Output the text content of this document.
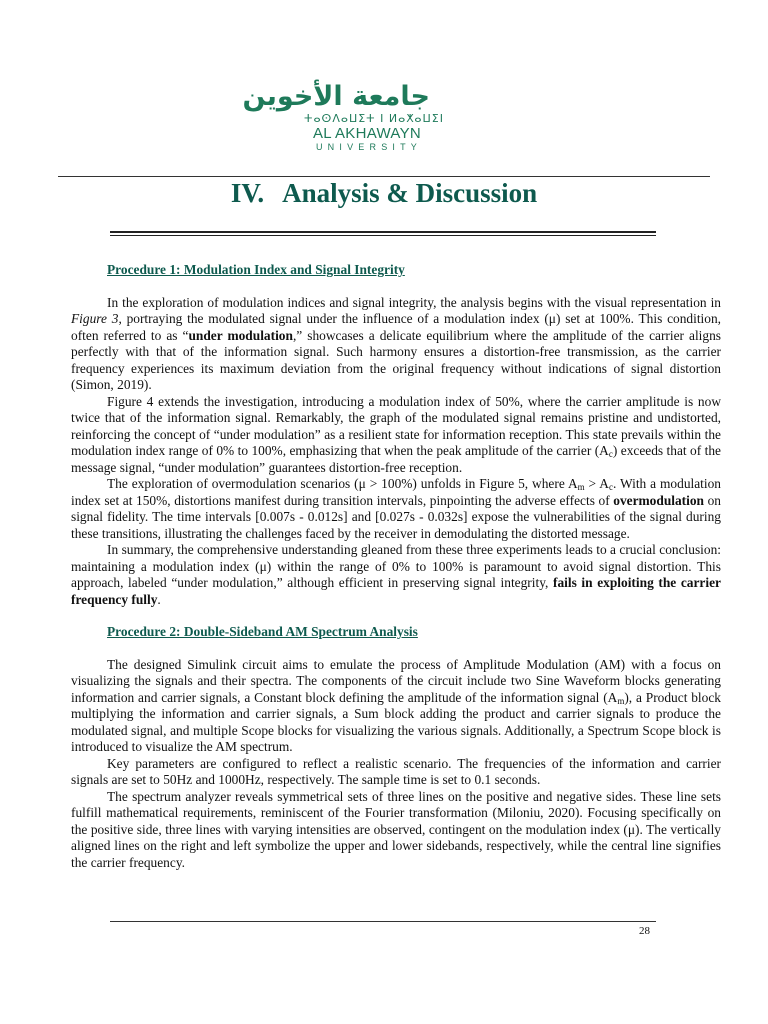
جامعة الأخوين
ⵜⴰⵙⴷⴰⵡⵉⵜ ⵏ ⵍⴰⵅⴰⵡⵉⵏ
AL AKHAWAYN
UNIVERSITY
IV. Analysis & Discussion
Procedure 1: Modulation Index and Signal Integrity

In the exploration of modulation indices and signal integrity, the analysis begins with the visual representation in Figure 3, portraying the modulated signal under the influence of a modulation index (μ) set at 100%. This condition, often referred to as “under modulation,” showcases a delicate equilibrium where the amplitude of the carrier aligns perfectly with that of the information signal. Such harmony ensures a distortion-free transmission, as the carrier frequency experiences its maximum deviation from the original frequency without indications of signal distortion (Simon, 2019).

Figure 4 extends the investigation, introducing a modulation index of 50%, where the carrier amplitude is now twice that of the information signal. Remarkably, the graph of the modulated signal remains pristine and undistorted, reinforcing the concept of “under modulation” as a resilient state for information reception. This state prevails within the modulation index range of 0% to 100%, emphasizing that when the peak amplitude of the carrier (Ac) exceeds that of the message signal, “under modulation” guarantees distortion-free reception.

The exploration of overmodulation scenarios (μ > 100%) unfolds in Figure 5, where Am > Ac. With a modulation index set at 150%, distortions manifest during transition intervals, pinpointing the adverse effects of overmodulation on signal fidelity. The time intervals [0.007s - 0.012s] and [0.027s - 0.032s] expose the vulnerabilities of the signal during these transitions, illustrating the challenges faced by the receiver in demodulating the distorted message.

In summary, the comprehensive understanding gleaned from these three experiments leads to a crucial conclusion: maintaining a modulation index (μ) within the range of 0% to 100% is paramount to avoid signal distortion. This approach, labeled “under modulation,” although efficient in preserving signal integrity, fails in exploiting the carrier frequency fully.

Procedure 2: Double-Sideband AM Spectrum Analysis

The designed Simulink circuit aims to emulate the process of Amplitude Modulation (AM) with a focus on visualizing the signals and their spectra. The components of the circuit include two Sine Waveform blocks generating information and carrier signals, a Constant block defining the amplitude of the information signal (Am), a Product block multiplying the information and carrier signals, a Sum block adding the product and carrier signals to produce the modulated signal, and multiple Scope blocks for visualizing the various signals. Additionally, a Spectrum Scope block is introduced to visualize the AM spectrum.

Key parameters are configured to reflect a realistic scenario. The frequencies of the information and carrier signals are set to 50Hz and 1000Hz, respectively. The sample time is set to 0.1 seconds.

The spectrum analyzer reveals symmetrical sets of three lines on the positive and negative sides. These line sets fulfill mathematical requirements, reminiscent of the Fourier transformation (Miloniu, 2020). Focusing specifically on the positive side, three lines with varying intensities are observed, contingent on the modulation index (μ). The vertically aligned lines on the right and left symbolize the upper and lower sidebands, respectively, while the central line signifies the carrier frequency.

28
